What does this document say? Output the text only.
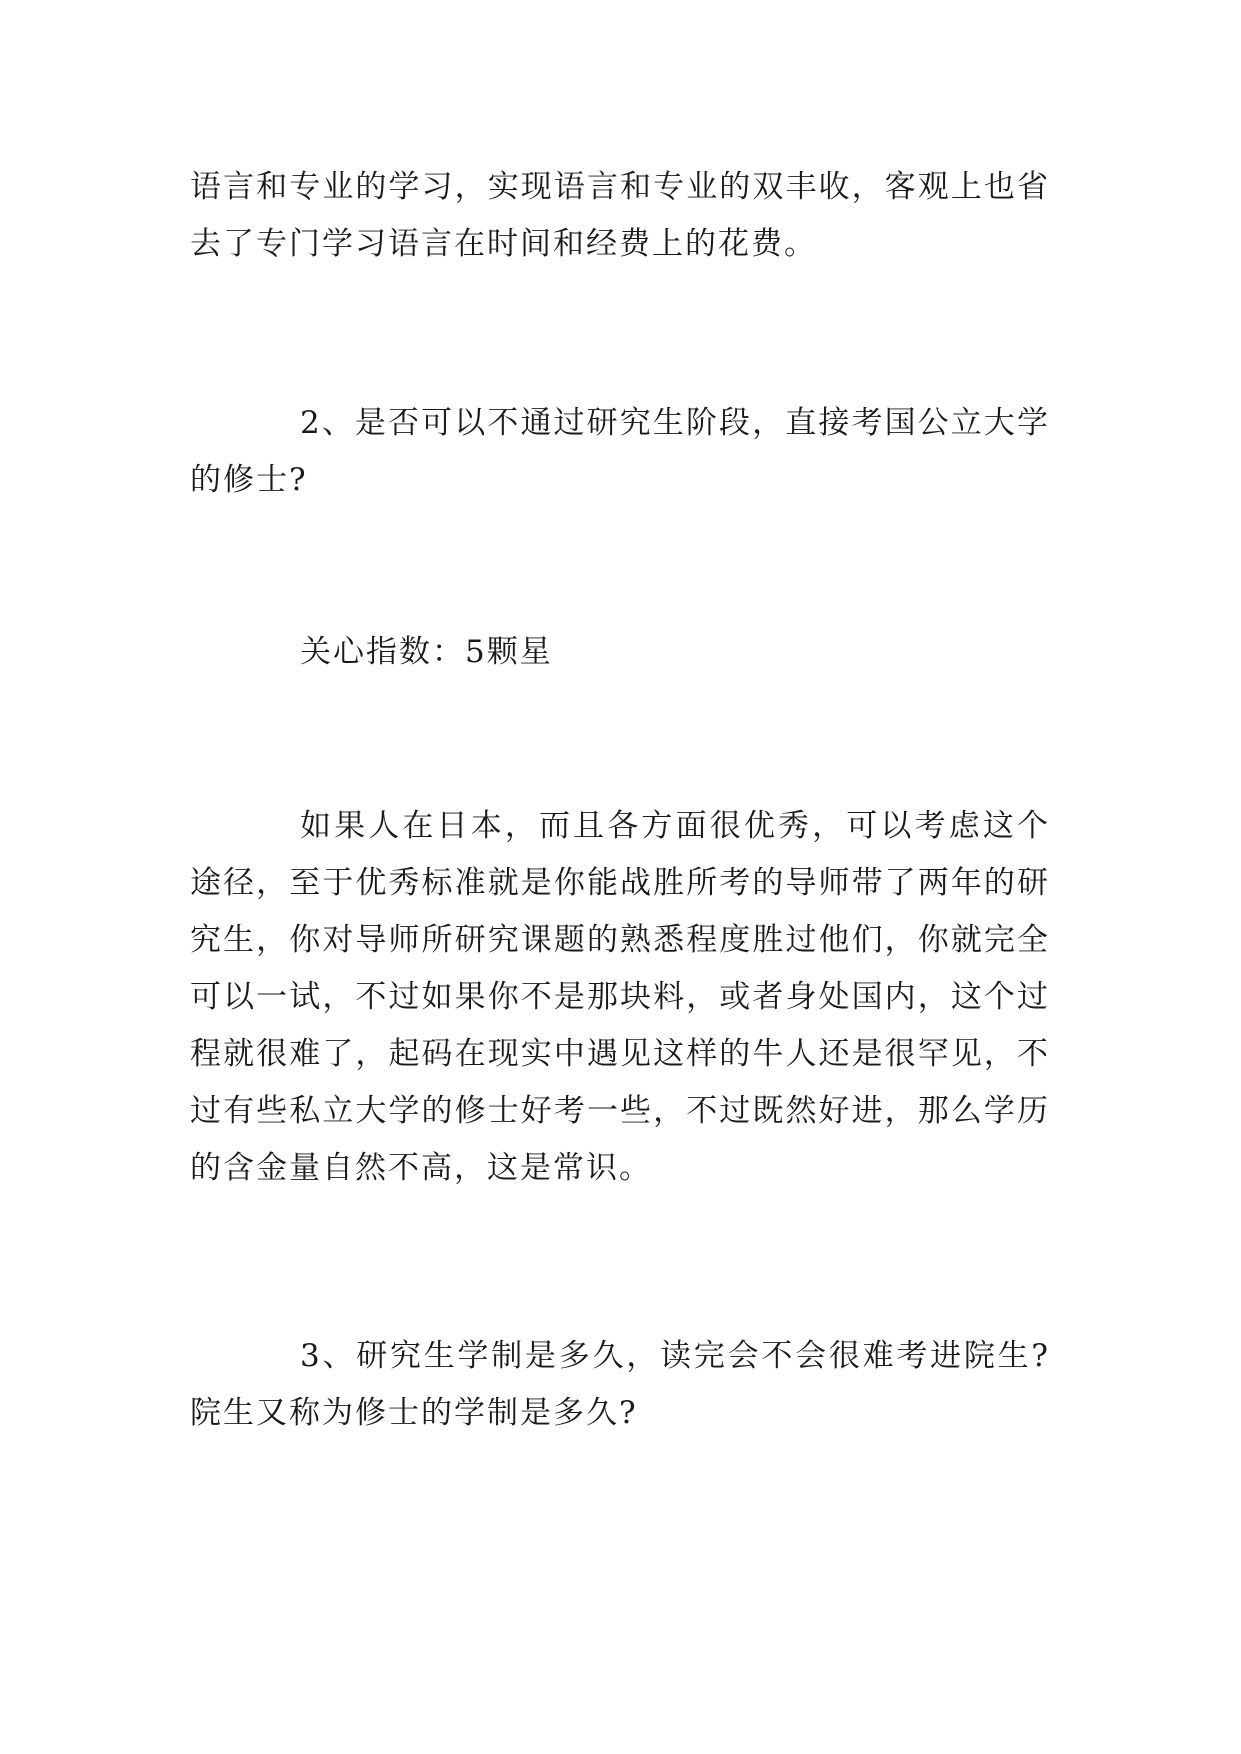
语言和专业的学习，实现语言和专业的双丰收，客观上也省去了专门学习语言在时间和经费上的花费。

2、是否可以不通过研究生阶段，直接考国公立大学的修士?

关心指数：5颗星

如果人在日本，而且各方面很优秀，可以考虑这个途径，至于优秀标准就是你能战胜所考的导师带了两年的研究生，你对导师所研究课题的熟悉程度胜过他们，你就完全可以一试，不过如果你不是那块料，或者身处国内，这个过程就很难了，起码在现实中遇见这样的牛人还是很罕见，不过有些私立大学的修士好考一些，不过既然好进，那么学历的含金量自然不高，这是常识。

3、研究生学制是多久，读完会不会很难考进院生?院生又称为修士的学制是多久?
